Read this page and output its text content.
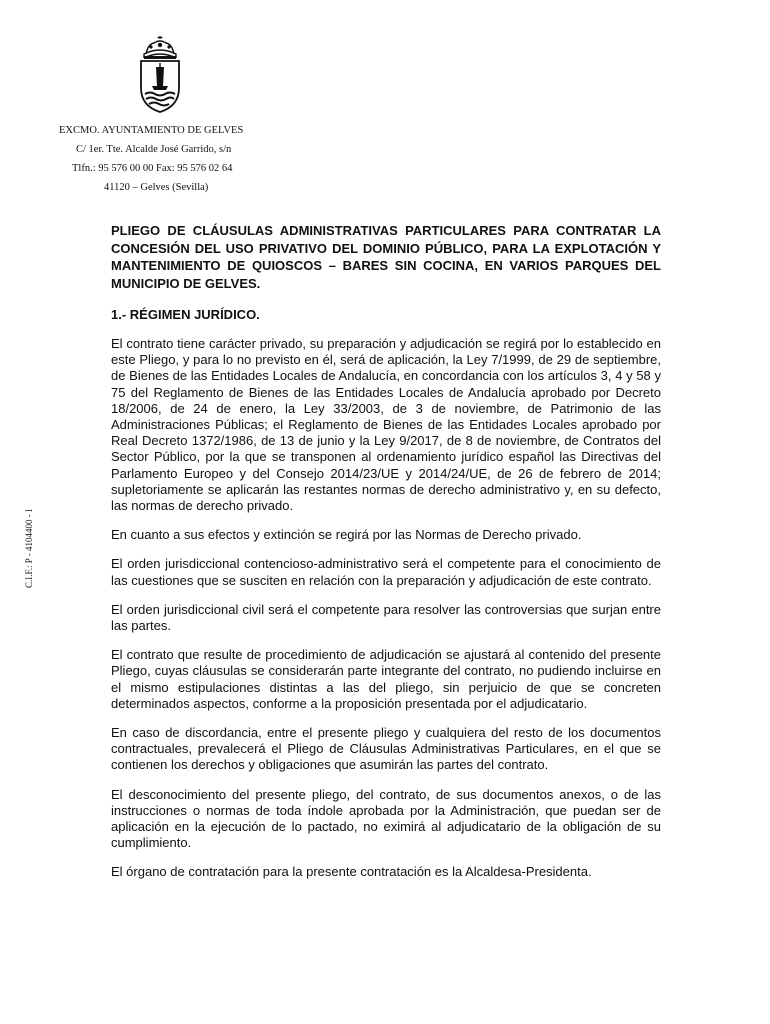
EXCMO. AYUNTAMIENTO DE GELVES
C/ 1er. Tte. Alcalde José Garrido, s/n
Tlfn.: 95 576 00 00 Fax: 95 576 02 64
41120 – Gelves (Sevilla)
C.I.F.: P - 4104400 - I
PLIEGO DE CLÁUSULAS ADMINISTRATIVAS PARTICULARES PARA CONTRATAR LA CONCESIÓN DEL USO PRIVATIVO DEL DOMINIO PÚBLICO, PARA LA EXPLOTACIÓN Y MANTENIMIENTO DE QUIOSCOS – BARES SIN COCINA, EN VARIOS PARQUES DEL MUNICIPIO DE GELVES.
1.- RÉGIMEN JURÍDICO.

El contrato tiene carácter privado, su preparación y adjudicación se regirá por lo establecido en este Pliego, y para lo no previsto en él, será de aplicación, la Ley 7/1999, de 29 de septiembre, de Bienes de las Entidades Locales de Andalucía, en concordancia con los artículos 3, 4 y 58 y 75 del Reglamento de Bienes de las Entidades Locales de Andalucía aprobado por Decreto 18/2006, de 24 de enero, la Ley 33/2003, de 3 de noviembre, de Patrimonio de las Administraciones Públicas; el Reglamento de Bienes de las Entidades Locales aprobado por Real Decreto 1372/1986, de 13 de junio y la Ley 9/2017, de 8 de noviembre, de Contratos del Sector Público, por la que se transponen al ordenamiento jurídico español las Directivas del Parlamento Europeo y del Consejo 2014/23/UE y 2014/24/UE, de 26 de febrero de 2014; supletoriamente se aplicarán las restantes normas de derecho administrativo y, en su defecto, las normas de derecho privado.

En cuanto a sus efectos y extinción se regirá por las Normas de Derecho privado.

El orden jurisdiccional contencioso-administrativo será el competente para el conocimiento de las cuestiones que se susciten en relación con la preparación y adjudicación de este contrato.

El orden jurisdiccional civil será el competente para resolver las controversias que surjan entre las partes.

El contrato que resulte de procedimiento de adjudicación se ajustará al contenido del presente Pliego, cuyas cláusulas se considerarán parte integrante del contrato, no pudiendo incluirse en el mismo estipulaciones distintas a las del pliego, sin perjuicio de que se concreten determinados aspectos, conforme a la proposición presentada por el adjudicatario.

En caso de discordancia, entre el presente pliego y cualquiera del resto de los documentos contractuales, prevalecerá el Pliego de Cláusulas Administrativas Particulares, en el que se contienen los derechos y obligaciones que asumirán las partes del contrato.

El desconocimiento del presente pliego, del contrato, de sus documentos anexos, o de las instrucciones o normas de toda índole aprobada por la Administración, que puedan ser de aplicación en la ejecución de lo pactado, no eximirá al adjudicatario de la obligación de su cumplimiento.

El órgano de contratación para la presente contratación es la Alcaldesa-Presidenta.
